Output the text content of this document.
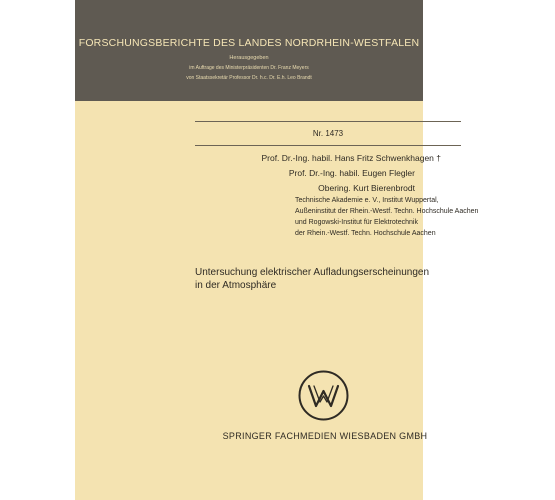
FORSCHUNGSBERICHTE DES LANDES NORDRHEIN-WESTFALEN
Herausgegeben
im Auftrage des Ministerpräsidenten Dr. Franz Meyers
von Staatssekretär Professor Dr. h.c. Dr. E.h. Leo Brandt
Nr. 1473
Prof. Dr.-Ing. habil. Hans Fritz Schwenkhagen †
Prof. Dr.-Ing. habil. Eugen Flegler
Obering. Kurt Bierenbrodt
Technische Akademie e. V., Institut Wuppertal,
Außeninstitut der Rhein.-Westf. Techn. Hochschule Aachen
und Rogowski-Institut für Elektrotechnik
der Rhein.-Westf. Techn. Hochschule Aachen
Untersuchung elektrischer Aufladungserscheinungen
in der Atmosphäre
SPRINGER FACHMEDIEN WIESBADEN GMBH
